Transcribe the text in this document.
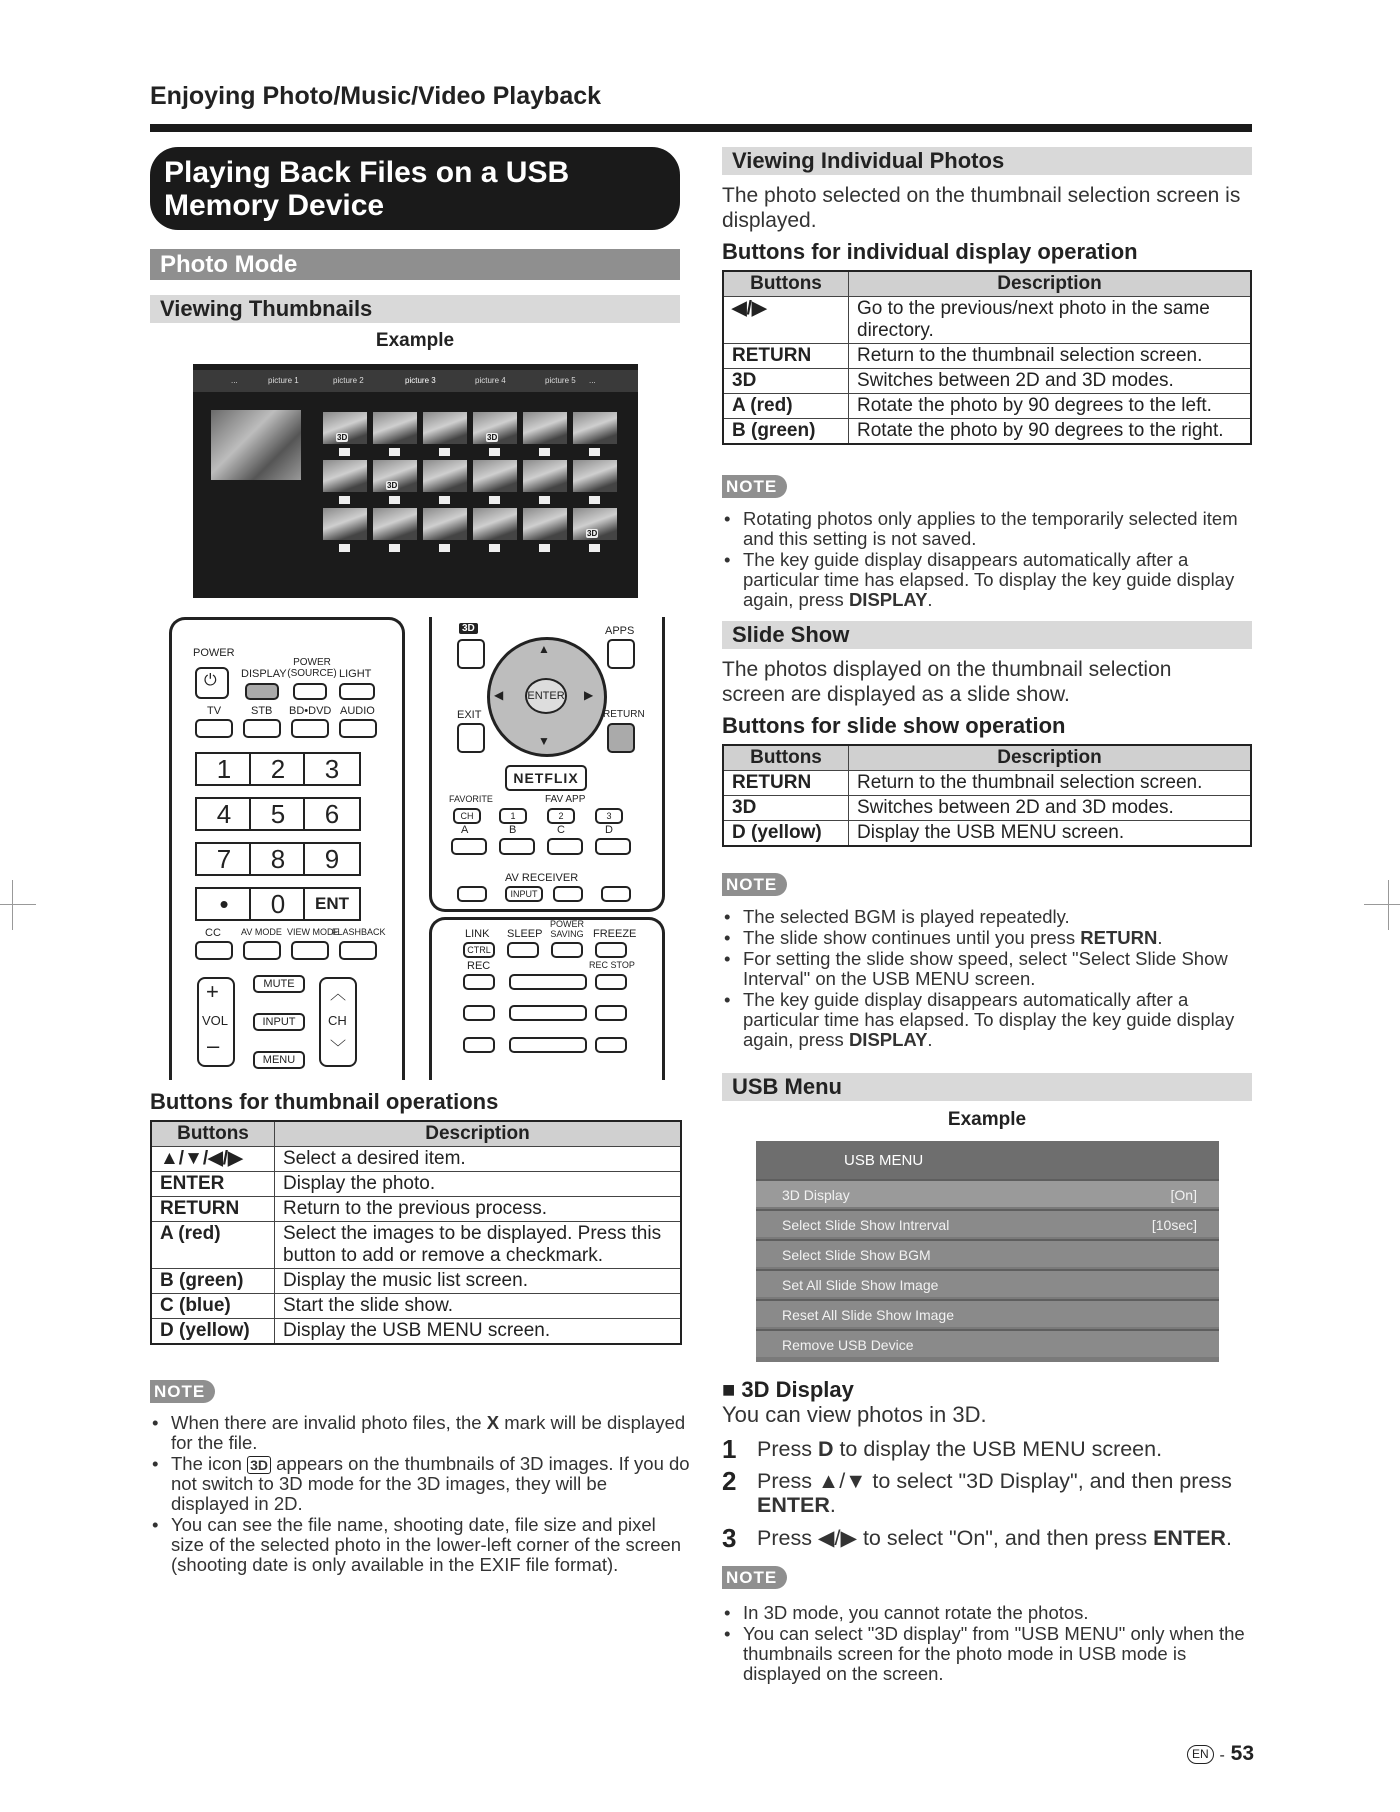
Enjoying Photo/Music/Video Playback
Playing Back Files on a USB Memory Device
Photo Mode
Viewing Thumbnails
Example
...	picture 1	picture 2	picture 3	picture 4	picture 5 ...
3D	3D
3D
3D
POWER
⏻ DISPLAY
POWER (SOURCE) LIGHT
TV	STB BD•DVD AUDIO
1	2	3
4	5	6
7	8	9
•	0	ENT
CC AV MODE VIEW MODE
FLASHBACK
+
VOL
–
MUTE
INPUT
MENU
︿
CH
﹀
3D	APPS
▲
▼
◀	▶
ENTER
EXIT	RETURN
NETFLIX
FAVORITE	FAV APP
CH	1	2	3
A	B	C	D
AV RECEIVER
INPUT
LINK
CTRL
SLEEP
POWER SAVING FREEZE
REC	REC STOP
Buttons for thumbnail operations
Buttons	Description
▲/▼/◀/▶	Select a desired item.
ENTER	Display the photo.
RETURN	Return to the previous process.
A (red)	Select the images to be displayed. Press this button to add or remove a checkmark.
B (green)	Display the music list screen.
C (blue)	Start the slide show.
D (yellow)	Display the USB MENU screen.
NOTE
• When there are invalid photo files, the X mark will be displayed for the file.
• The icon 3D appears on the thumbnails of 3D images. If you do not switch to 3D mode for the 3D images, they will be displayed in 2D.
• You can see the file name, shooting date, file size and pixel size of the selected photo in the lower-left corner of the screen (shooting date is only available in the EXIF file format).
Viewing Individual Photos
The photo selected on the thumbnail selection screen is displayed.
Buttons for individual display operation
Buttons	Description
◀/▶	Go to the previous/next photo in the same directory.
RETURN	Return to the thumbnail selection screen.
3D	Switches between 2D and 3D modes.
A (red)	Rotate the photo by 90 degrees to the left.
B (green)	Rotate the photo by 90 degrees to the right.
NOTE
• Rotating photos only applies to the temporarily selected item and this setting is not saved.
• The key guide display disappears automatically after a particular time has elapsed. To display the key guide display again, press DISPLAY.
Slide Show
The photos displayed on the thumbnail selection screen are displayed as a slide show.
Buttons for slide show operation
Buttons	Description
RETURN	Return to the thumbnail selection screen.
3D	Switches between 2D and 3D modes.
D (yellow)	Display the USB MENU screen.
NOTE
• The selected BGM is played repeatedly.
• The slide show continues until you press RETURN.
• For setting the slide show speed, select "Select Slide Show Interval" on the USB MENU screen.
• The key guide display disappears automatically after a particular time has elapsed. To display the key guide display again, press DISPLAY.
USB Menu
Example
USB MENU
3D Display	[On]
Select Slide Show Intrerval	[10sec]
Select Slide Show BGM
Set All Slide Show Image
Reset All Slide Show Image
Remove USB Device
■ 3D Display
You can view photos in 3D.
1 Press D to display the USB MENU screen.
2 Press ▲/▼ to select "3D Display", and then press ENTER.
3 Press ◀/▶ to select "On", and then press ENTER.
NOTE
• In 3D mode, you cannot rotate the photos.
• You can select "3D display" from "USB MENU" only when the thumbnails screen for the photo mode in USB mode is displayed on the screen.
EN - 53
